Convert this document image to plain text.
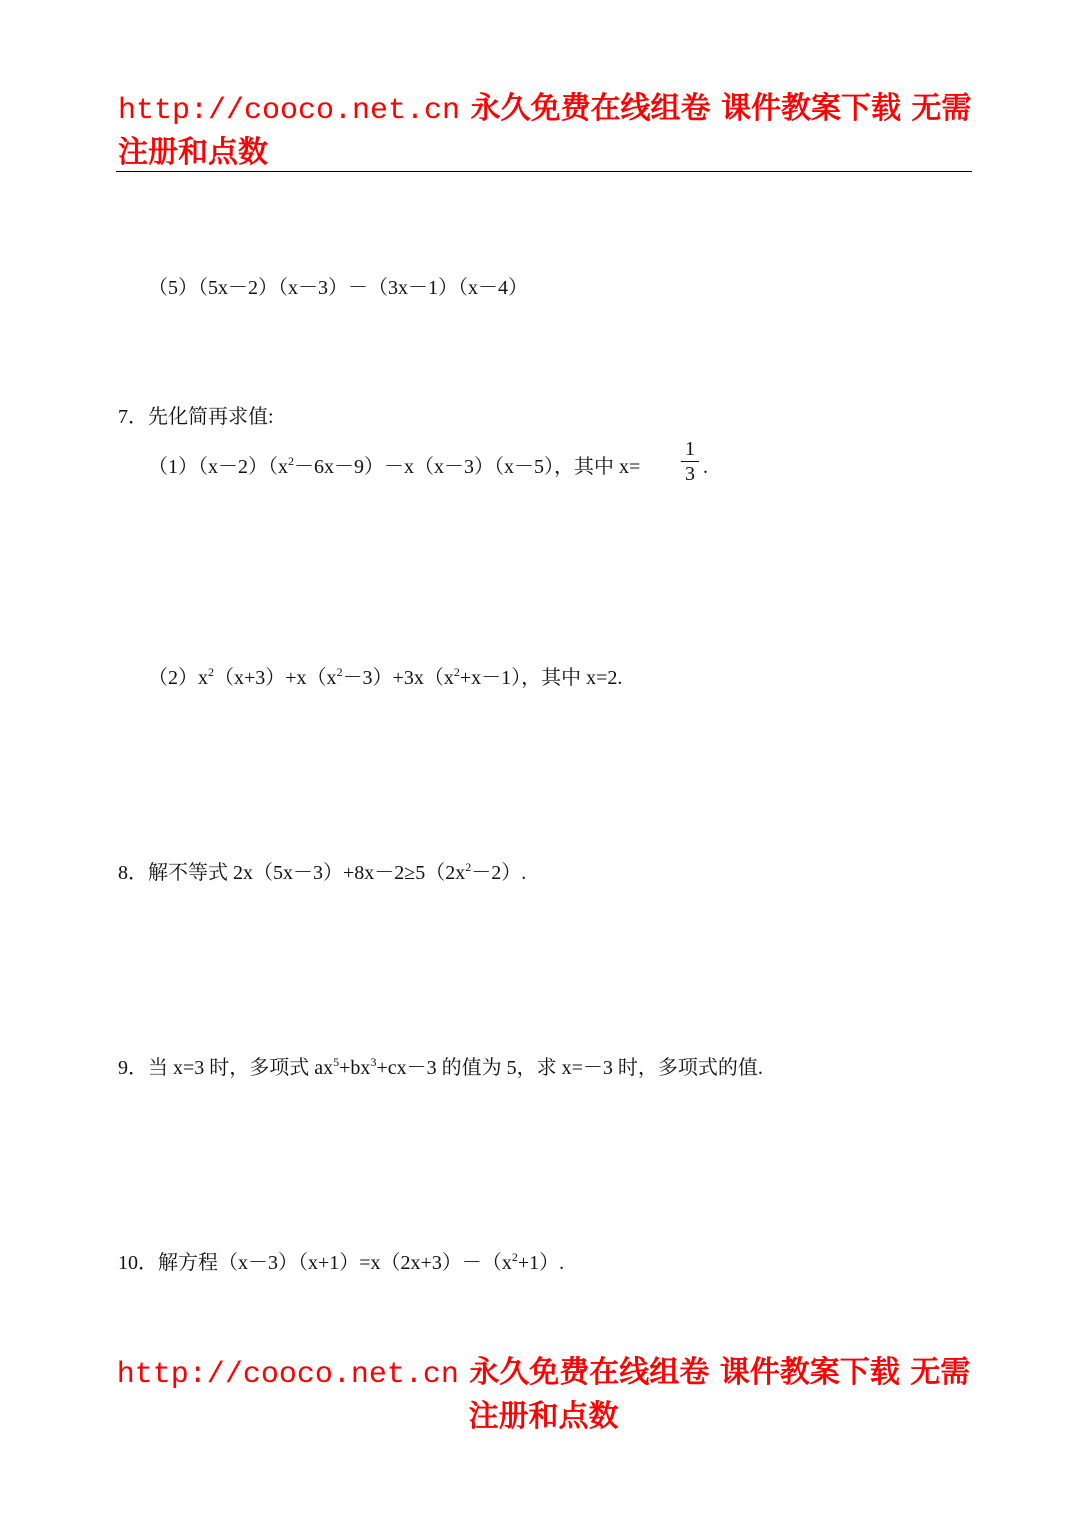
http://cooco.net.cn 永久免费在线组卷 课件教案下载 无需注册和点数
（5）（5x－2）（x－3）－（3x－1）（x－4）
7．先化简再求值:
$(1)(x-2)(x^2-6x-9)-x(x-3)(x-5)$，其中 x=
1
3 .
$(2)x^2(x+3)+x(x^2-3)+3x(x^2+x-1)$，其中 x=2.
8．解不等式 $2x(5x-3)+8x-2\ge 5(2x^2-2)$.
9．当 x=3 时，多项式 $ax^5+bx^3+cx-3$ 的值为 5，求 x=－3 时，多项式的值.
10．解方程$(x-3)(x+1)=x(2x+3)-(x^2+1)$.
http://cooco.net.cn 永久免费在线组卷 课件教案下载 无需注册和点数
